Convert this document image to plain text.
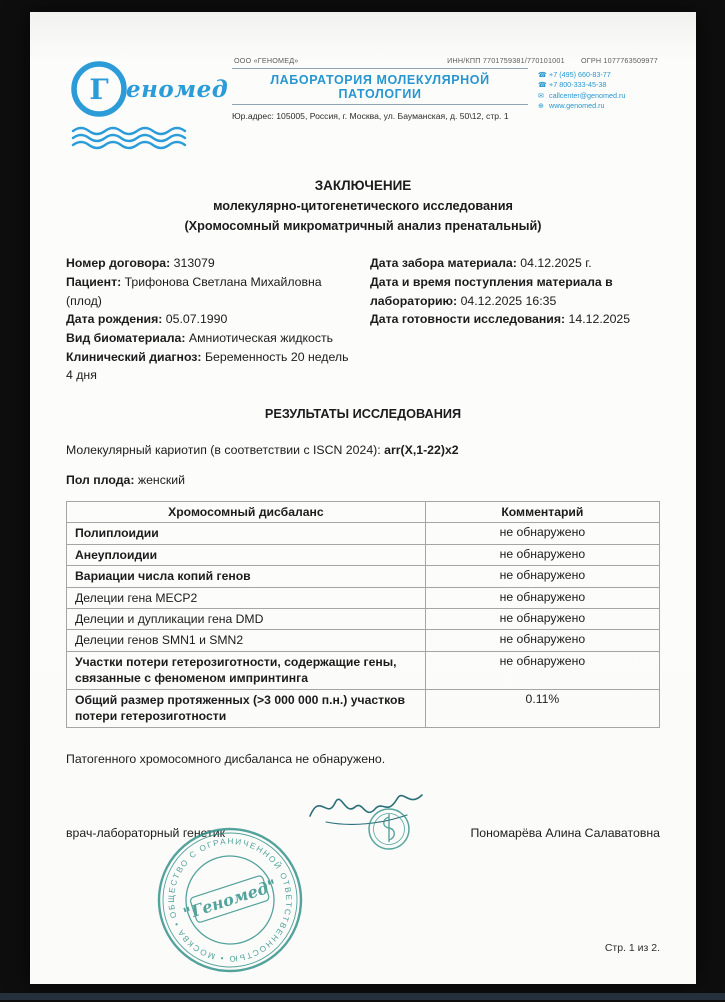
Г еномед
ООО «ГЕНОМЕД»	ИНН/КПП 7701759381/770101001 ОГРН 1077763509977
ЛАБОРАТОРИЯ МОЛЕКУЛЯРНОЙ ПАТОЛОГИИ
Юр.адрес: 105005, Россия, г. Москва, ул. Бауманская, д. 50\12, стр. 1
☎ +7 (495) 660-83-77
☎ +7 800-333-45-38
✉ callcenter@genomed.ru
⊕ www.genomed.ru
ЗАКЛЮЧЕНИЕ
молекулярно-цитогенетического исследования
(Хромосомный микроматричный анализ пренатальный)
Номер договора: 313079
Пациент: Трифонова Светлана Михайловна (плод)
Дата рождения: 05.07.1990
Вид биоматериала: Амниотическая жидкость
Клинический диагноз: Беременность 20 недель 4 дня
Дата забора материала: 04.12.2025 г.
Дата и время поступления материала в лабораторию: 04.12.2025 16:35
Дата готовности исследования: 14.12.2025
РЕЗУЛЬТАТЫ ИССЛЕДОВАНИЯ
Молекулярный кариотип (в соответствии с ISCN 2024): arr(X,1-22)x2
Пол плода: женский
Хромосомный дисбаланс	Комментарий
Полиплоидии	не обнаружено
Анеуплоидии	не обнаружено
Вариации числа копий генов	не обнаружено
Делеции гена MECP2	не обнаружено
Делеции и дупликации гена DMD	не обнаружено
Делеции генов SMN1 и SMN2	не обнаружено
Участки потери гетерозиготности, содержащие гены, связанные с феноменом импринтинга	не обнаружено
Общий размер протяженных (>3 000 000 п.н.) участков потери гетерозиготности	0.11%
Патогенного хромосомного дисбаланса не обнаружено.
врач-лабораторный генетик	Пономарёва Алина Салаватовна
ОБЩЕСТВО С ОГРАНИЧЕННОЙ ОТВЕТСТВЕННОСТЬЮ • МОСКВА • "Геномед"
Стр. 1 из 2.
